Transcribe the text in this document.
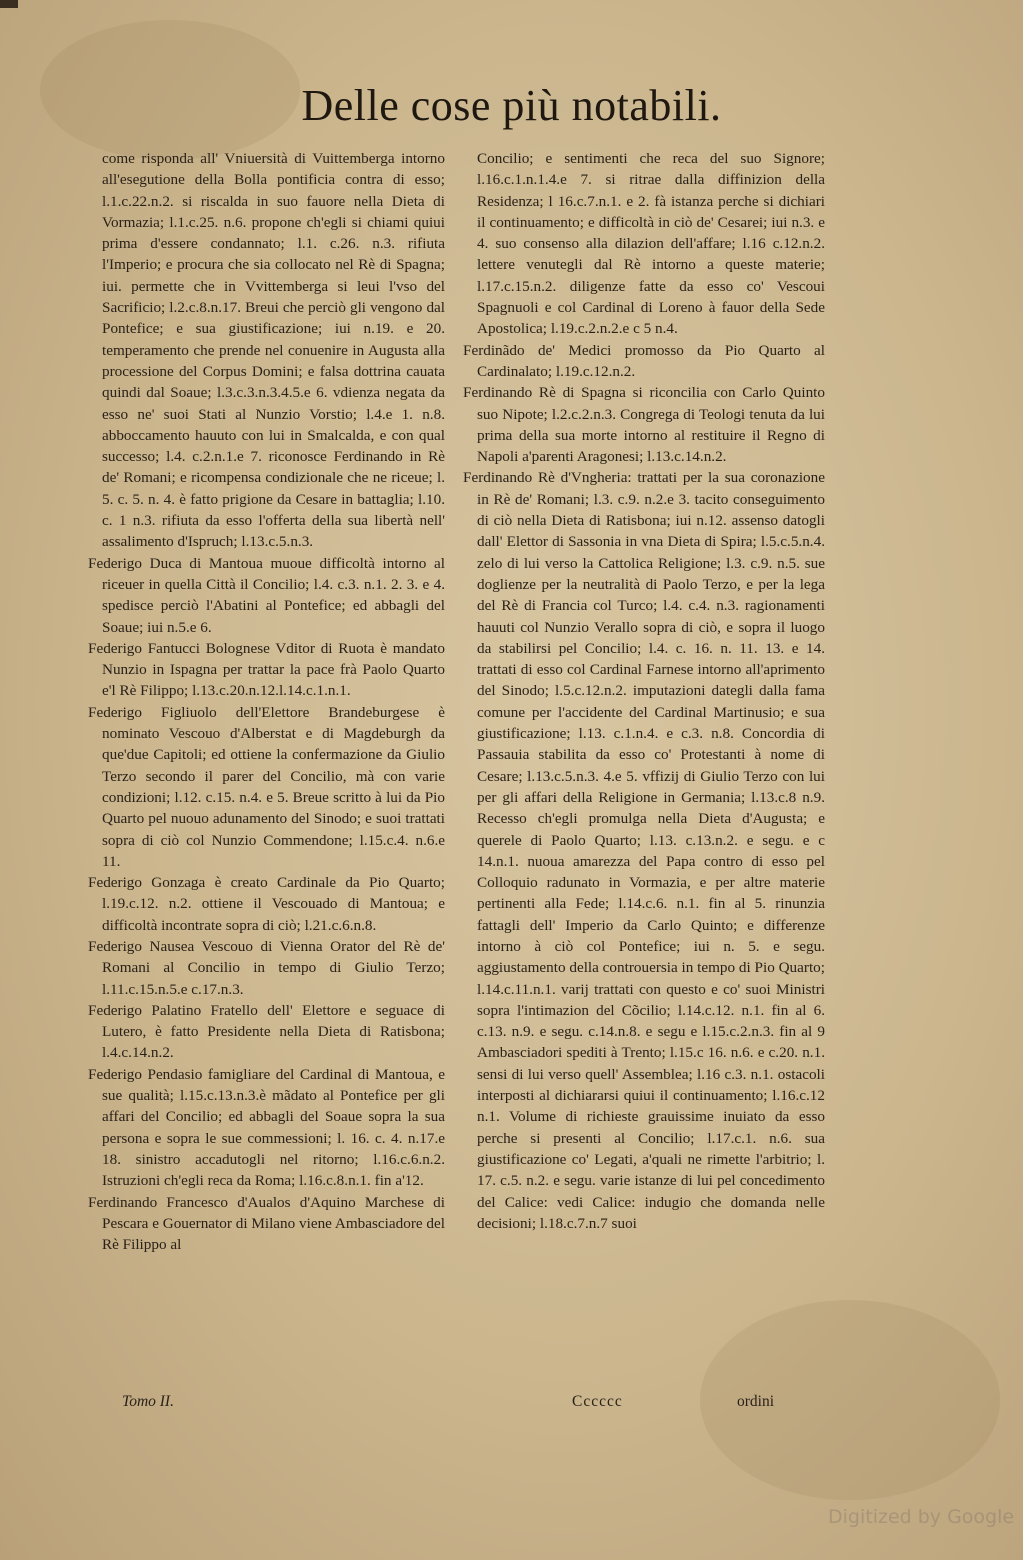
Delle cose più notabili.

come risponda all' Vniuersità di Vuittemberga intorno all'esegutione della Bolla pontificia contra di esso; l.1.c.22.n.2. si riscalda in suo fauore nella Dieta di Vormazia; l.1.c.25. n.6. propone ch'egli si chiami quiui prima d'essere condannato; l.1. c.26. n.3. rifiuta l'Imperio; e procura che sia collocato nel Rè di Spagna; iui. permette che in Vvittemberga si leui l'vso del Sacrificio; l.2.c.8.n.17. Breui che perciò gli vengono dal Pontefice; e sua giustificazione; iui n.19. e 20. temperamento che prende nel conuenire in Augusta alla processione del Corpus Domini; e falsa dottrina cauata quindi dal Soaue; l.3.c.3.n.3.4.5.e 6. vdienza negata da esso ne' suoi Stati al Nunzio Vorstio; l.4.e 1. n.8. abboccamento hauuto con lui in Smalcalda, e con qual successo; l.4. c.2.n.1.e 7. riconosce Ferdinando in Rè de' Romani; e ricompensa condizionale che ne riceue; l. 5. c. 5. n. 4. è fatto prigione da Cesare in battaglia; l.10. c. 1 n.3. rifiuta da esso l'offerta della sua libertà nell' assalimento d'Ispruch; l.13.c.5.n.3.

Federigo Duca di Mantoua muoue difficoltà intorno al riceuer in quella Città il Concilio; l.4. c.3. n.1. 2. 3. e 4. spedisce perciò l'Abatini al Pontefice; ed abbagli del Soaue; iui n.5.e 6.

Federigo Fantucci Bolognese Vditor di Ruota è mandato Nunzio in Ispagna per trattar la pace frà Paolo Quarto e'l Rè Filippo; l.13.c.20.n.12.l.14.c.1.n.1.

Federigo Figliuolo dell'Elettore Brandeburgese è nominato Vescouo d'Alberstat e di Magdeburgh da que'due Capitoli; ed ottiene la confermazione da Giulio Terzo secondo il parer del Concilio, mà con varie condizioni; l.12. c.15. n.4. e 5. Breue scritto à lui da Pio Quarto pel nuouo adunamento del Sinodo; e suoi trattati sopra di ciò col Nunzio Commendone; l.15.c.4. n.6.e 11.

Federigo Gonzaga è creato Cardinale da Pio Quarto; l.19.c.12. n.2. ottiene il Vescouado di Mantoua; e difficoltà incontrate sopra di ciò; l.21.c.6.n.8.

Federigo Nausea Vescouo di Vienna Orator del Rè de' Romani al Concilio in tempo di Giulio Terzo; l.11.c.15.n.5.e c.17.n.3.

Federigo Palatino Fratello dell' Elettore e seguace di Lutero, è fatto Presidente nella Dieta di Ratisbona; l.4.c.14.n.2.

Federigo Pendasio famigliare del Cardinal di Mantoua, e sue qualità; l.15.c.13.n.3.è mãdato al Pontefice per gli affari del Concilio; ed abbagli del Soaue sopra la sua persona e sopra le sue commessioni; l. 16. c. 4. n.17.e 18. sinistro accadutogli nel ritorno; l.16.c.6.n.2. Istruzioni ch'egli reca da Roma; l.16.c.8.n.1. fin a'12.

Ferdinando Francesco d'Aualos d'Aquino Marchese di Pescara e Gouernator di Milano viene Ambasciadore del Rè Filippo al

Concilio; e sentimenti che reca del suo Signore; l.16.c.1.n.1.4.e 7. si ritrae dalla diffinizion della Residenza; l 16.c.7.n.1. e 2. fà istanza perche si dichiari il continuamento; e difficoltà in ciò de' Cesarei; iui n.3. e 4. suo consenso alla dilazion dell'affare; l.16 c.12.n.2. lettere venutegli dal Rè intorno a queste materie; l.17.c.15.n.2. diligenze fatte da esso co' Vescoui Spagnuoli e col Cardinal di Loreno à fauor della Sede Apostolica; l.19.c.2.n.2.e c 5 n.4.

Ferdinãdo de' Medici promosso da Pio Quarto al Cardinalato; l.19.c.12.n.2.

Ferdinando Rè di Spagna si riconcilia con Carlo Quinto suo Nipote; l.2.c.2.n.3. Congrega di Teologi tenuta da lui prima della sua morte intorno al restituire il Regno di Napoli a'parenti Aragonesi; l.13.c.14.n.2.

Ferdinando Rè d'Vngheria: trattati per la sua coronazione in Rè de' Romani; l.3. c.9. n.2.e 3. tacito conseguimento di ciò nella Dieta di Ratisbona; iui n.12. assenso datogli dall' Elettor di Sassonia in vna Dieta di Spira; l.5.c.5.n.4. zelo di lui verso la Cattolica Religione; l.3. c.9. n.5. sue doglienze per la neutralità di Paolo Terzo, e per la lega del Rè di Francia col Turco; l.4. c.4. n.3. ragionamenti hauuti col Nunzio Verallo sopra di ciò, e sopra il luogo da stabilirsi pel Concilio; l.4. c. 16. n. 11. 13. e 14. trattati di esso col Cardinal Farnese intorno all'aprimento del Sinodo; l.5.c.12.n.2. imputazioni dategli dalla fama comune per l'accidente del Cardinal Martinusio; e sua giustificazione; l.13. c.1.n.4. e c.3. n.8. Concordia di Passauia stabilita da esso co' Protestanti à nome di Cesare; l.13.c.5.n.3. 4.e 5. vffizij di Giulio Terzo con lui per gli affari della Religione in Germania; l.13.c.8 n.9. Recesso ch'egli promulga nella Dieta d'Augusta; e querele di Paolo Quarto; l.13. c.13.n.2. e segu. e c 14.n.1. nuoua amarezza del Papa contro di esso pel Colloquio radunato in Vormazia, e per altre materie pertinenti alla Fede; l.14.c.6. n.1. fin al 5. rinunzia fattagli dell' Imperio da Carlo Quinto; e differenze intorno à ciò col Pontefice; iui n. 5. e segu. aggiustamento della controuersia in tempo di Pio Quarto; l.14.c.11.n.1. varij trattati con questo e co' suoi Ministri sopra l'intimazion del Cõcilio; l.14.c.12. n.1. fin al 6. c.13. n.9. e segu. c.14.n.8. e segu e l.15.c.2.n.3. fin al 9 Ambasciadori spediti à Trento; l.15.c 16. n.6. e c.20. n.1. sensi di lui verso quell' Assemblea; l.16 c.3. n.1. ostacoli interposti al dichiararsi quiui il continuamento; l.16.c.12 n.1. Volume di richieste grauissime inuiato da esso perche si presenti al Concilio; l.17.c.1. n.6. sua giustificazione co' Legati, a'quali ne rimette l'arbitrio; l. 17. c.5. n.2. e segu. varie istanze di lui pel concedimento del Calice: vedi Calice: indugio che domanda nelle decisioni; l.18.c.7.n.7 suoi

Tomo II.	Cccccc	ordini
Digitized by Google
